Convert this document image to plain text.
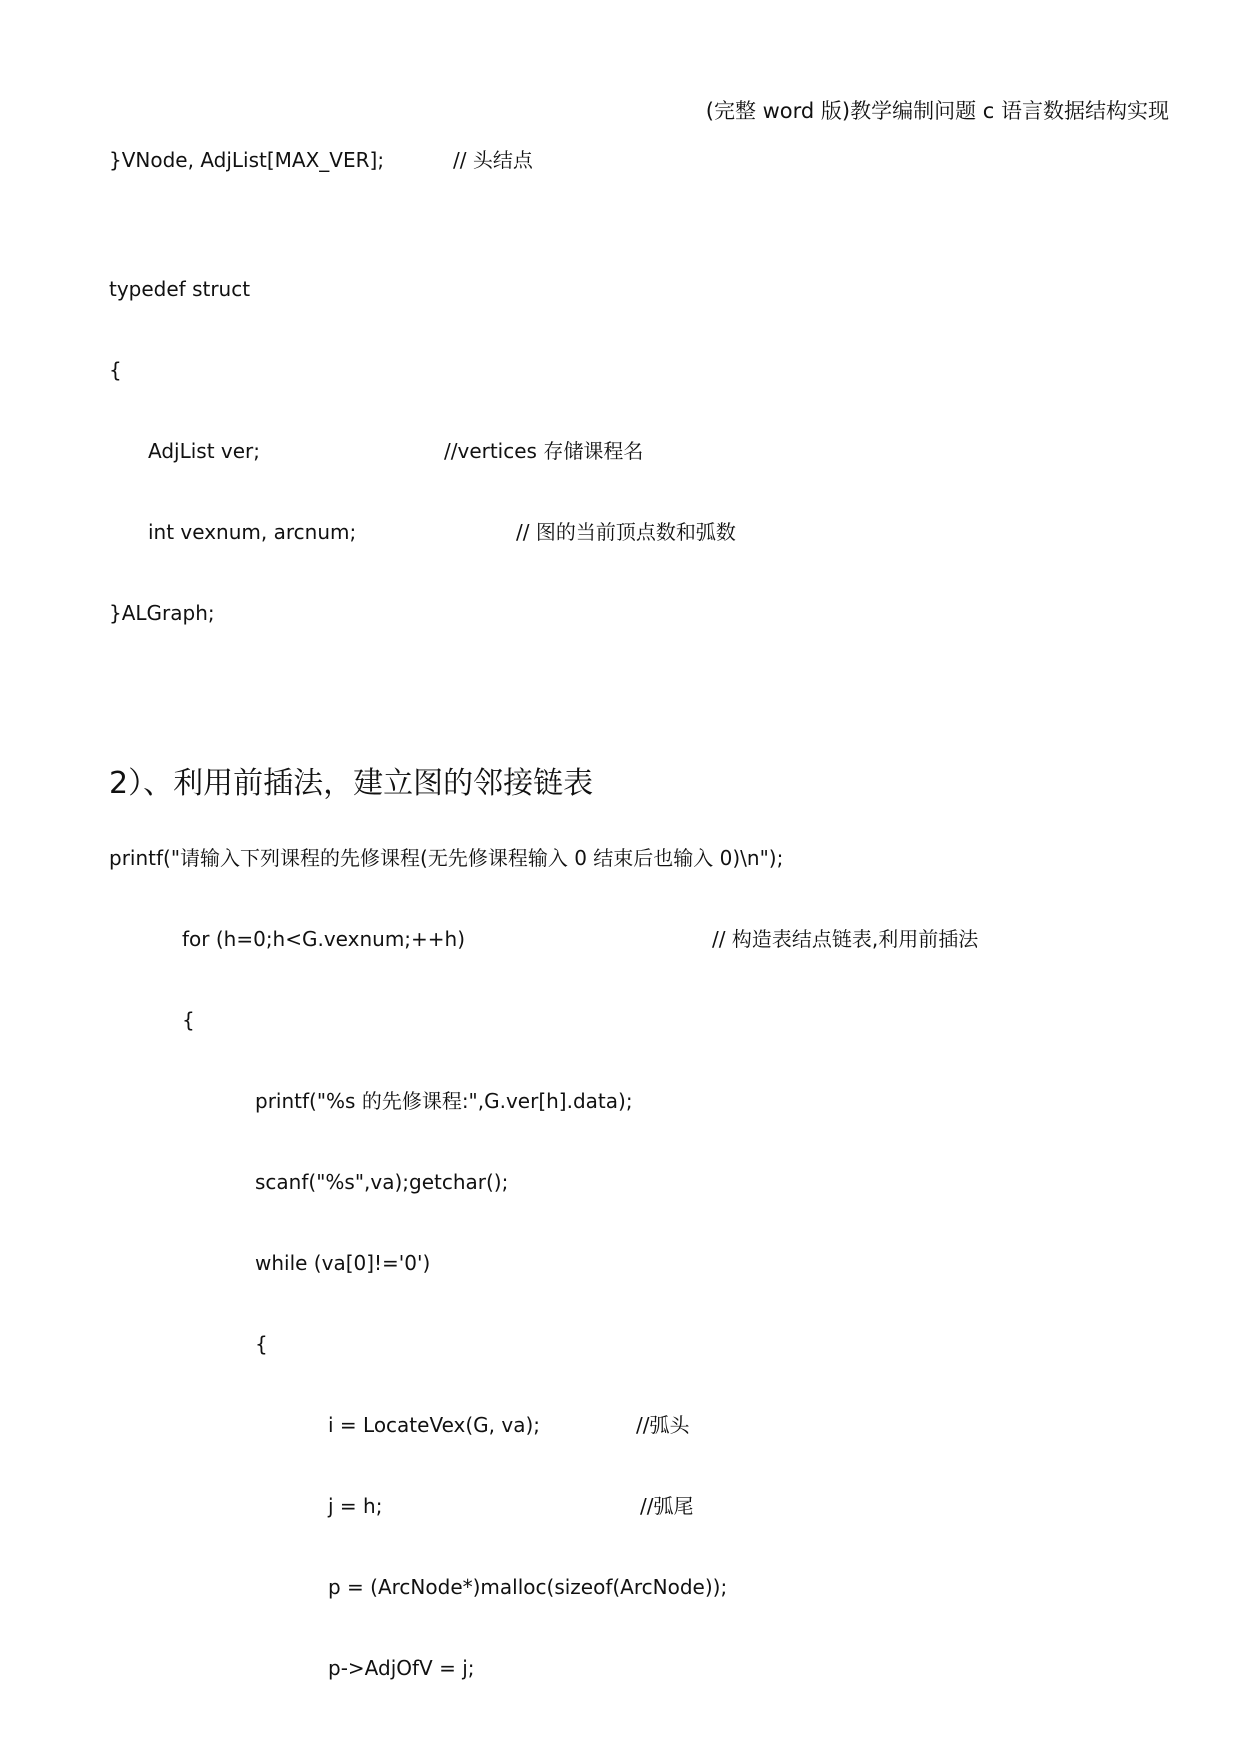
(完整 word 版)教学编制问题 c 语言数据结构实现
}VNode, AdjList[MAX_VER];	// 头结点
typedef struct
{
AdjList ver;	//vertices 存储课程名
int vexnum, arcnum;	// 图的当前顶点数和弧数
}ALGraph;
2）、利用前插法，建立图的邻接链表
printf("请输入下列课程的先修课程(无先修课程输入 0 结束后也输入 0)\n");
for (h=0;h<G.vexnum;++h)	// 构造表结点链表,利用前插法
{
printf("%s 的先修课程:",G.ver[h].data);
scanf("%s",va);getchar();
while (va[0]!='0')
{
i = LocateVex(G, va);	//弧头
j = h;	//弧尾
p = (ArcNode*)malloc(sizeof(ArcNode));
p->AdjOfV = j;
